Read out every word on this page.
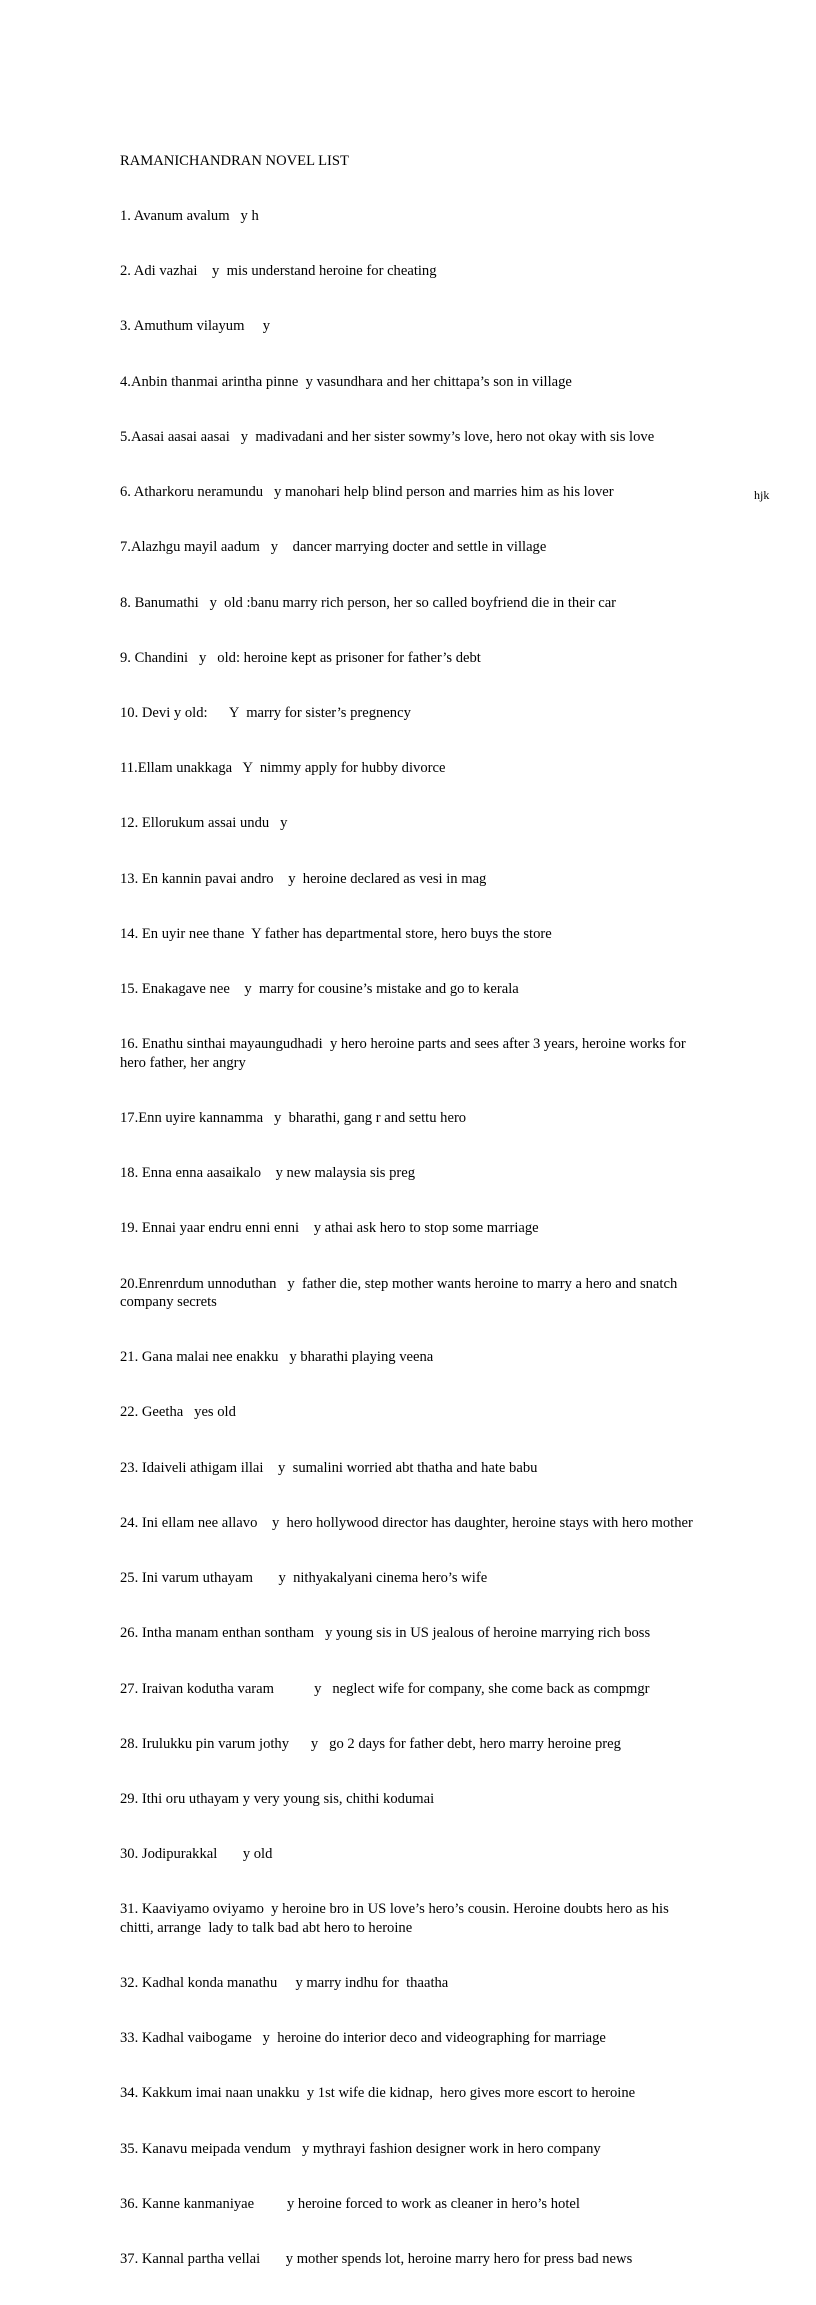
RAMANICHANDRAN NOVEL LIST

1. Avanum avalum   y h

2. Adi vazhai    y  mis understand heroine for cheating

3. Amuthum vilayum     y

4.Anbin thanmai arintha pinne  y vasundhara and her chittapa’s son in village

5.Aasai aasai aasai   y  madivadani and her sister sowmy’s love, hero not okay with sis love

6. Atharkoru neramundu   y manohari help blind person and marries him as his lover

7.Alazhgu mayil aadum   y    dancer marrying docter and settle in village

8. Banumathi   y  old :banu marry rich person, her so called boyfriend die in their car

9. Chandini   y   old: heroine kept as prisoner for father’s debt

10. Devi y old:      Y  marry for sister’s pregnency

11.Ellam unakkaga   Y  nimmy apply for hubby divorce

12. Ellorukum assai undu   y

13. En kannin pavai andro    y  heroine declared as vesi in mag

14. En uyir nee thane  Y father has departmental store, hero buys the store

15. Enakagave nee    y  marry for cousine’s mistake and go to kerala

16. Enathu sinthai mayaungudhadi  y hero heroine parts and sees after 3 years, heroine works for hero father, her angry

17.Enn uyire kannamma   y  bharathi, gang r and settu hero

18. Enna enna aasaikalo    y new malaysia sis preg

19. Ennai yaar endru enni enni    y athai ask hero to stop some marriage

20.Enrenrdum unnoduthan   y  father die, step mother wants heroine to marry a hero and snatch company secrets

21. Gana malai nee enakku   y bharathi playing veena

22. Geetha   yes old

23. Idaiveli athigam illai    y  sumalini worried abt thatha and hate babu

24. Ini ellam nee allavo    y  hero hollywood director has daughter, heroine stays with hero mother

25. Ini varum uthayam       y  nithyakalyani cinema hero’s wife

26. Intha manam enthan sontham   y young sis in US jealous of heroine marrying rich boss

27. Iraivan kodutha varam           y   neglect wife for company, she come back as compmgr

28. Irulukku pin varum jothy      y   go 2 days for father debt, hero marry heroine preg

29. Ithi oru uthayam y very young sis, chithi kodumai

30. Jodipurakkal       y old

31. Kaaviyamo oviyamo  y heroine bro in US love’s hero’s cousin. Heroine doubts hero as his chitti, arrange  lady to talk bad abt hero to heroine

32. Kadhal konda manathu     y marry indhu for  thaatha

33. Kadhal vaibogame   y  heroine do interior deco and videographing for marriage

34. Kakkum imai naan unakku  y 1st wife die kidnap,  hero gives more escort to heroine

35. Kanavu meipada vendum   y mythrayi fashion designer work in hero company

36. Kanne kanmaniyae         y heroine forced to work as cleaner in hero’s hotel

37. Kannal partha vellai       y mother spends lot, heroine marry hero for press bad news

hjk
